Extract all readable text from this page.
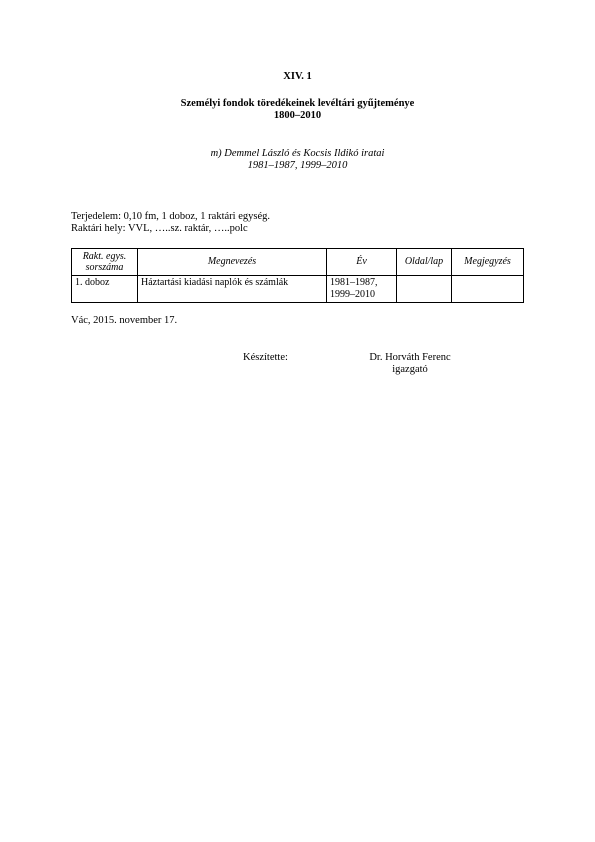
XIV. 1
Személyi fondok töredékeinek levéltári gyűjteménye
1800–2010
m) Demmel László és Kocsis Ildikó iratai
1981–1987, 1999–2010
Terjedelem: 0,10 fm, 1 doboz, 1 raktári egység.
Raktári hely: VVL, …..sz. raktár, …..polc
Rakt. egys.
sorszáma	Megnevezés	Év	Oldal/lap	Megjegyzés
1. doboz	Háztartási kiadási naplók és számlák	1981–1987,
1999–2010		
Vác, 2015. november 17.
Készítette:	Dr. Horváth Ferenc
igazgató
